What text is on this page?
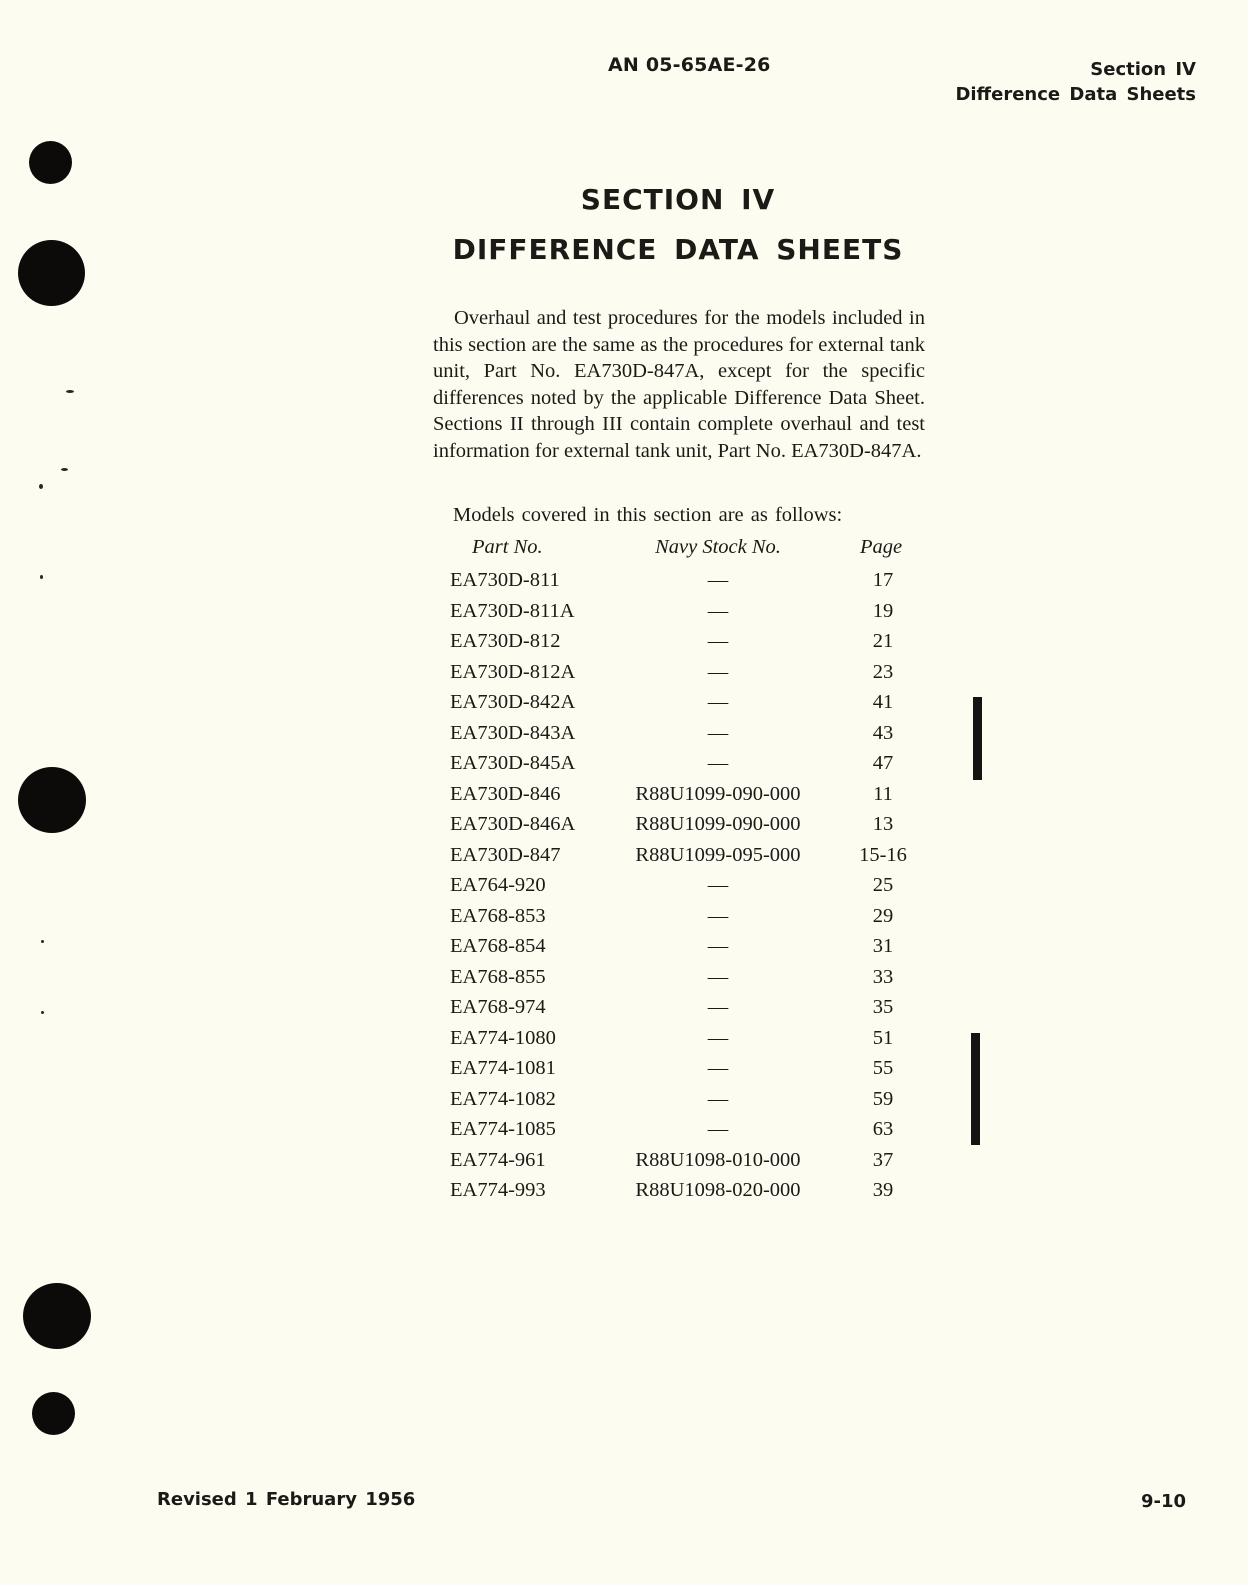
AN 05-65AE-26	Section IV
Difference Data Sheets
SECTION IV
DIFFERENCE DATA SHEETS
Overhaul and test procedures for the models included in this section are the same as the procedures for external tank unit, Part No. EA730D-847A, except for the specific differences noted by the applicable Difference Data Sheet. Sections II through III contain complete overhaul and test information for external tank unit, Part No. EA730D-847A.
Models covered in this section are as follows:
Part No.	Navy Stock No.	Page
EA730D-811	—	17
EA730D-811A	—	19
EA730D-812	—	21
EA730D-812A	—	23
EA730D-842A	—	41
EA730D-843A	—	43
EA730D-845A	—	47
EA730D-846	R88U1099-090-000	11
EA730D-846A	R88U1099-090-000	13
EA730D-847	R88U1099-095-000	15-16
EA764-920	—	25
EA768-853	—	29
EA768-854	—	31
EA768-855	—	33
EA768-974	—	35
EA774-1080	—	51
EA774-1081	—	55
EA774-1082	—	59
EA774-1085	—	63
EA774-961	R88U1098-010-000	37
EA774-993	R88U1098-020-000	39
Revised 1 February 1956	9-10
